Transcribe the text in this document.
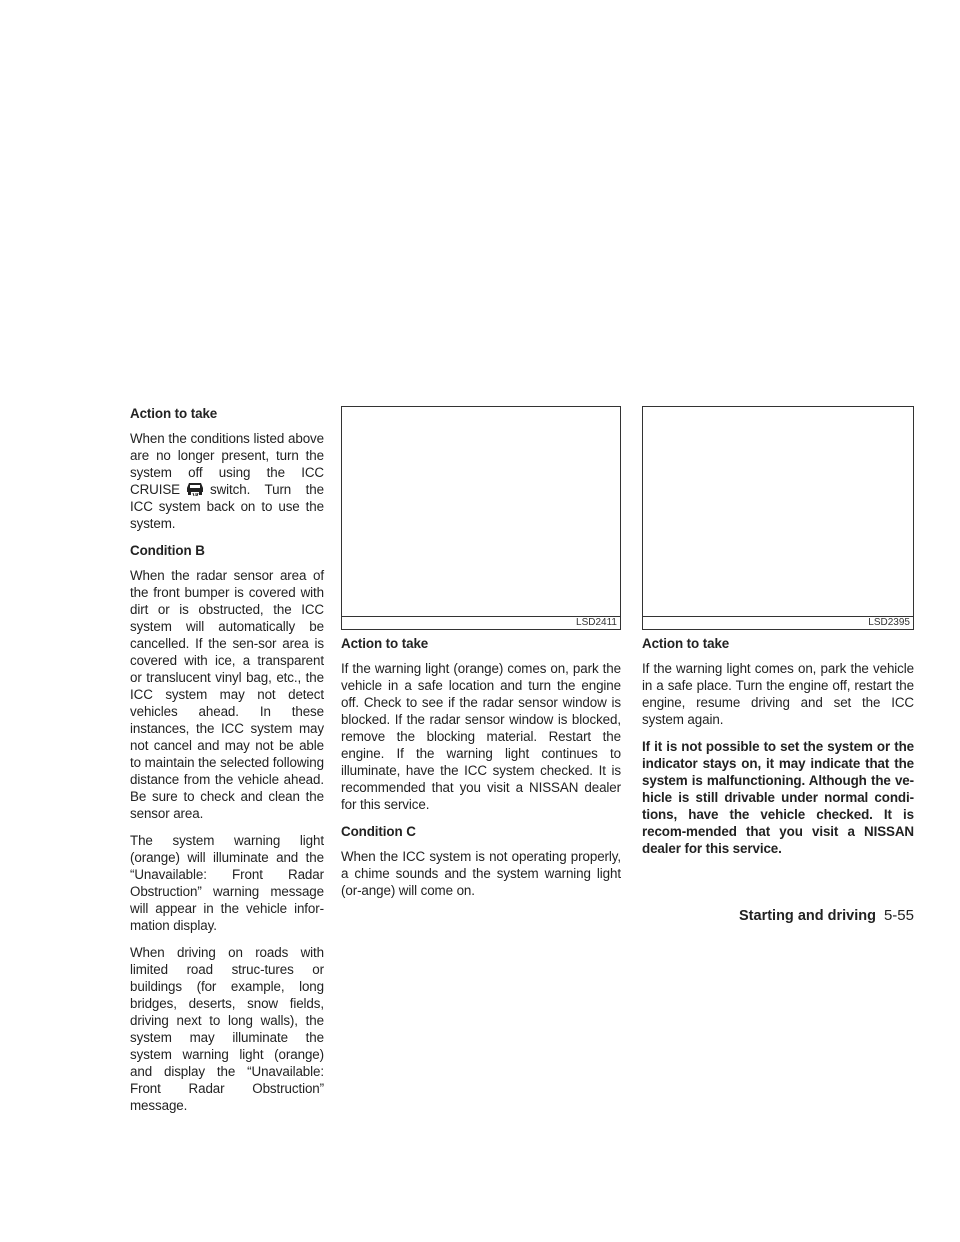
Action to take

When the conditions listed above are no longer present, turn the system off using the ICC CRUISE switch. Turn the ICC system back on to use the system.

Condition B

When the radar sensor area of the front bumper is covered with dirt or is obstructed, the ICC system will automatically be cancelled. If the sen-sor area is covered with ice, a transparent or translucent vinyl bag, etc., the ICC system may not detect vehicles ahead. In these instances, the ICC system may not cancel and may not be able to maintain the selected following distance from the vehicle ahead. Be sure to check and clean the sensor area.

The system warning light (orange) will illuminate and the “Unavailable: Front Radar Obstruction” warning message will appear in the vehicle infor-mation display.

When driving on roads with limited road struc-tures or buildings (for example, long bridges, deserts, snow fields, driving next to long walls), the system may illuminate the system warning light (orange) and display the “Unavailable: Front Radar Obstruction” message.

LSD2411	LSD2395
Action to take

If the warning light (orange) comes on, park the vehicle in a safe location and turn the engine off. Check to see if the radar sensor window is blocked. If the radar sensor window is blocked, remove the blocking material. Restart the engine. If the warning light continues to illuminate, have the ICC system checked. It is recommended that you visit a NISSAN dealer for this service.

Condition C

When the ICC system is not operating properly, a chime sounds and the system warning light (or-ange) will come on.

Action to take

If the warning light comes on, park the vehicle in a safe place. Turn the engine off, restart the engine, resume driving and set the ICC system again.

If it is not possible to set the system or the indicator stays on, it may indicate that the system is malfunctioning. Although the ve-hicle is still drivable under normal condi-tions, have the vehicle checked. It is recom-mended that you visit a NISSAN dealer for this service.

Starting and driving 5-55
